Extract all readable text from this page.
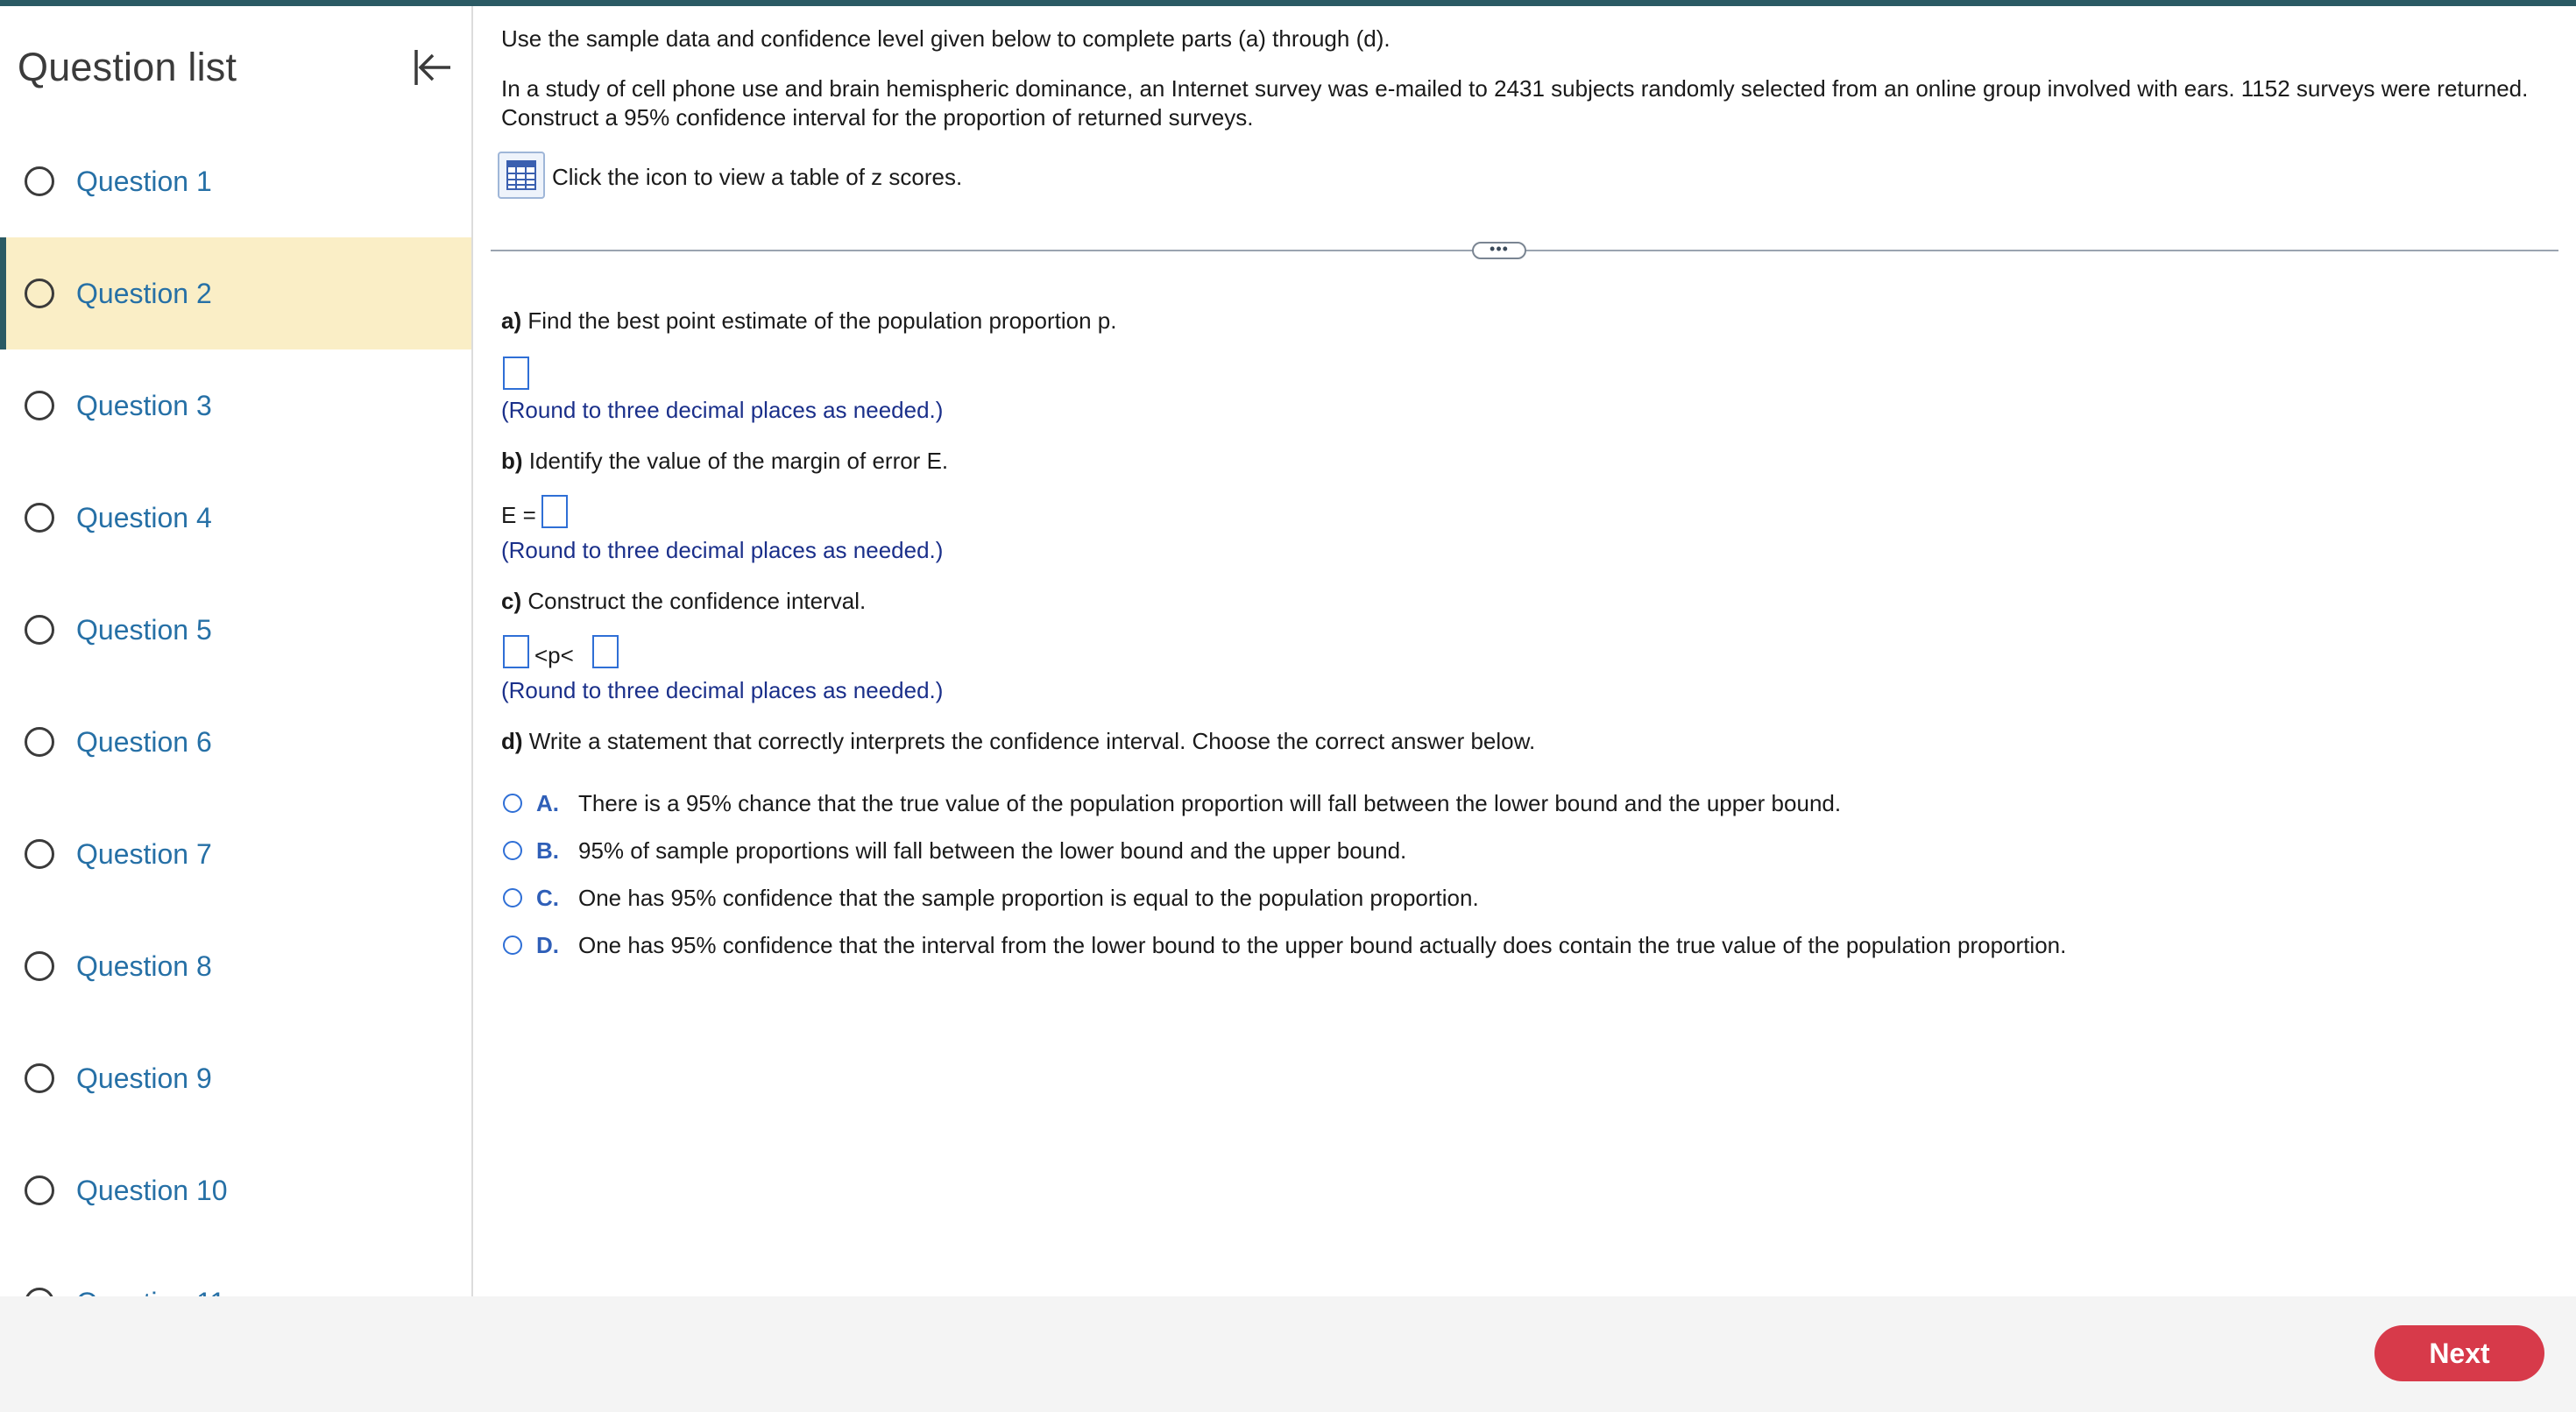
Question list
Question 1
Question 2
Question 3
Question 4
Question 5
Question 6
Question 7
Question 8
Question 9
Question 10
Use the sample data and confidence level given below to complete parts (a) through (d).
In a study of cell phone use and brain hemispheric dominance, an Internet survey was e-mailed to 2431 subjects randomly selected from an online group involved with ears. 1152 surveys were returned. Construct a 95% confidence interval for the proportion of returned surveys.
Click the icon to view a table of z scores.
•••
a) Find the best point estimate of the population proportion p.
(Round to three decimal places as needed.)
b) Identify the value of the margin of error E.
E =
(Round to three decimal places as needed.)
c) Construct the confidence interval.
<p<
(Round to three decimal places as needed.)
d) Write a statement that correctly interprets the confidence interval. Choose the correct answer below.
A. There is a 95% chance that the true value of the population proportion will fall between the lower bound and the upper bound.
B. 95% of sample proportions will fall between the lower bound and the upper bound.
C. One has 95% confidence that the sample proportion is equal to the population proportion.
D. One has 95% confidence that the interval from the lower bound to the upper bound actually does contain the true value of the population proportion.
Next
